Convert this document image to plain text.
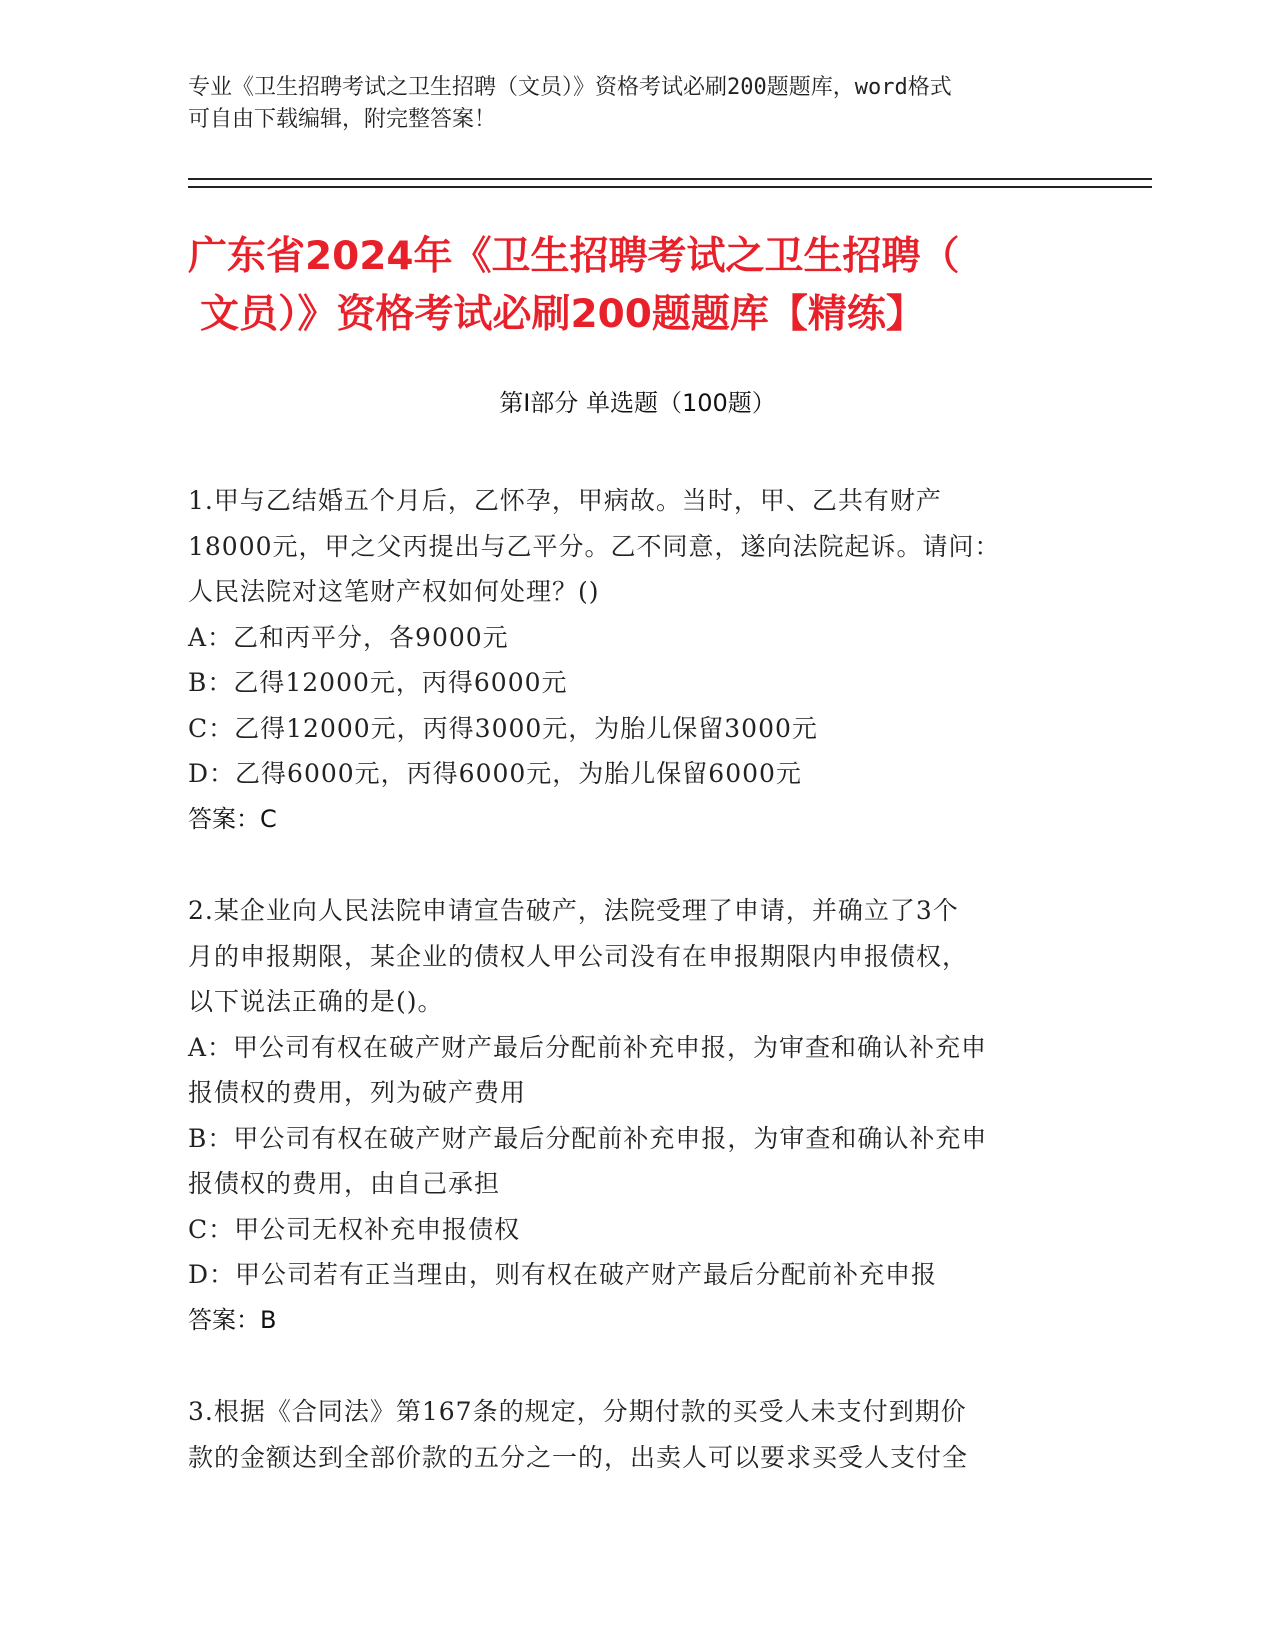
专业《卫生招聘考试之卫生招聘（文员）》资格考试必刷200题题库，word格式
可自由下载编辑，附完整答案！
广东省2024年《卫生招聘考试之卫生招聘（
文员）》资格考试必刷200题题库【精练】
第Ⅰ部分 单选题（100题）
1.甲与乙结婚五个月后，乙怀孕，甲病故。当时，甲、乙共有财产
18000元，甲之父丙提出与乙平分。乙不同意，遂向法院起诉。请问：
人民法院对这笔财产权如何处理？()
A：乙和丙平分，各9000元
B：乙得12000元，丙得6000元
C：乙得12000元，丙得3000元，为胎儿保留3000元
D：乙得6000元，丙得6000元，为胎儿保留6000元
答案：C
2.某企业向人民法院申请宣告破产，法院受理了申请，并确立了3个
月的申报期限，某企业的债权人甲公司没有在申报期限内申报债权，
以下说法正确的是()。
A：甲公司有权在破产财产最后分配前补充申报，为审查和确认补充申
报债权的费用，列为破产费用
B：甲公司有权在破产财产最后分配前补充申报，为审查和确认补充申
报债权的费用，由自己承担
C：甲公司无权补充申报债权
D：甲公司若有正当理由，则有权在破产财产最后分配前补充申报
答案：B
3.根据《合同法》第167条的规定，分期付款的买受人未支付到期价
款的金额达到全部价款的五分之一的，出卖人可以要求买受人支付全
